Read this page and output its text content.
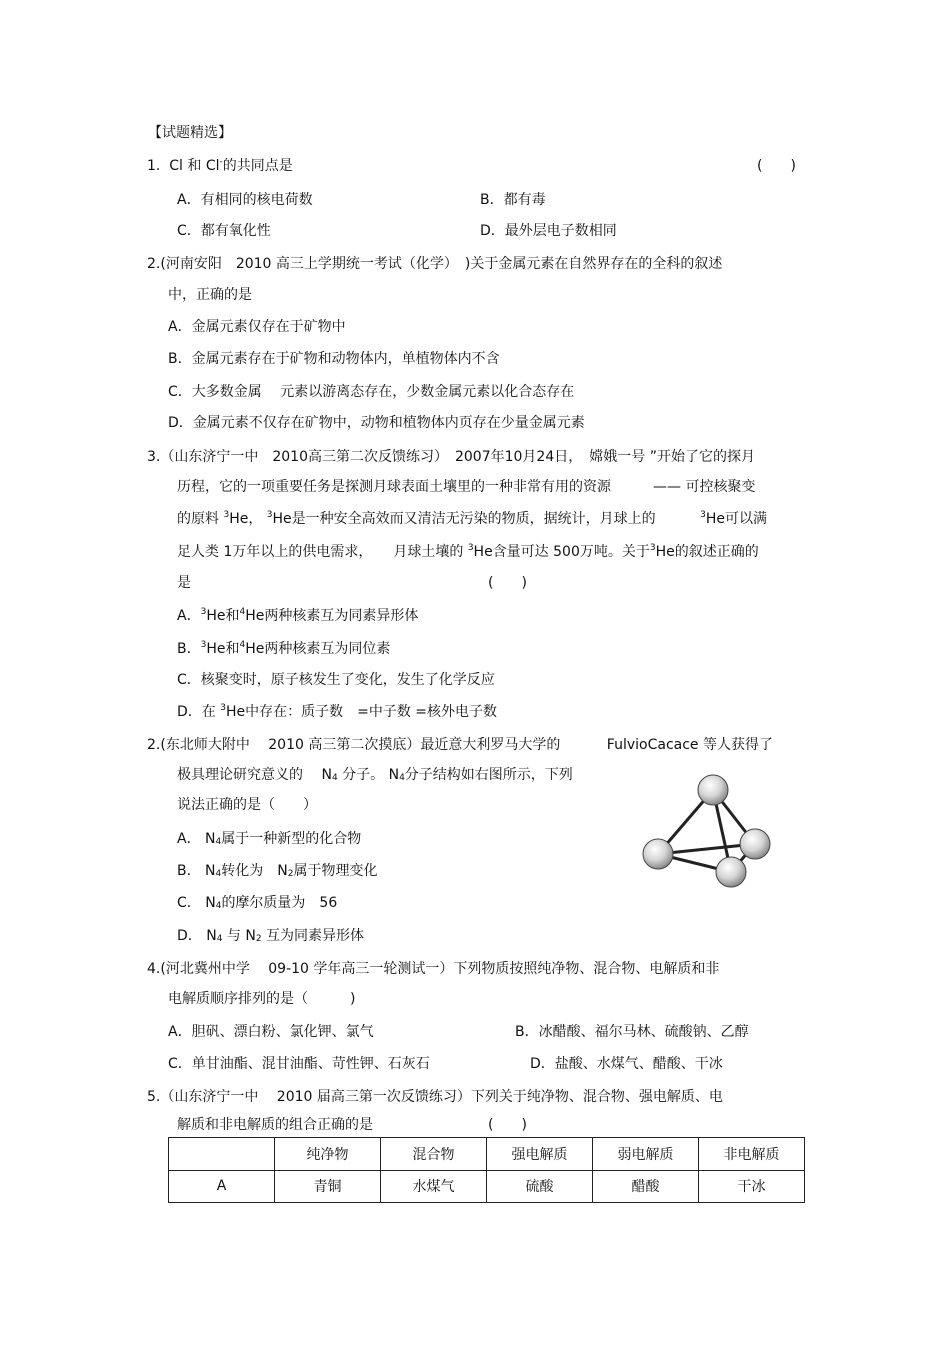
【试题精选】
1. Cl 和 Cl-的共同点是	(　　)
A．有相同的核电荷数	B．都有毒
C．都有氧化性	D．最外层电子数相同
2.(河南安阳　2010 高三上学期统一考试（化学）　)关于金属元素在自然界存在的全科的叙述
中，正确的是
A．金属元素仅存在于矿物中
B．金属元素存在于矿物和动物体内，单植物体内不含
C．大多数金属　 元素以游离态存在，少数金属元素以化合态存在
D．金属元素不仅存在矿物中，动物和植物体内页存在少量金属元素
3.（山东济宁一中　2010高三第二次反馈练习）　2007年10月24日，　嫦娥一号 ”开始了它的探月
历程，它的一项重要任务是探测月球表面土壤里的一种非常有用的资源　　　—— 可控核聚变
的原料 $^3$He， $^3$He是一种安全高效而又清洁无污染的物质，据统计，月球上的	$^3$He可以满
足人类 1万年以上的供电需求，　　月球土壤的 $^3$He含量可达 500万吨。关于$^3$He的叙述正确的
是	(　　)
A．$^3$He和$^4$He两种核素互为同素异形体
B．$^3$He和$^4$He两种核素互为同位素
C．核聚变时，原子核发生了变化，发生了化学反应
D．在 $^3$He中存在：质子数　=中子数 =核外电子数
2.(东北师大附中　 2010 高三第二次摸底）最近意大利罗马大学的　　　 FulvioCacace 等人获得了
极具理论研究意义的　 $N_4$ 分子。 $N_4$分子结构如右图所示，下列
说法正确的是（　　）
A． $N_4$属于一种新型的化合物
B． $N_4$转化为　$N_2$属于物理变化
C． $N_4$的摩尔质量为　56
D． $N_4$ 与 $N_2$ 互为同素异形体
4.(河北冀州中学　 09-10 学年高三一轮测试一）下列物质按照纯净物、混合物、电解质和非
电解质顺序排列的是（　　　)
A．胆矾、漂白粉、氯化钾、氯气	B．冰醋酸、福尔马林、硫酸钠、乙醇
C．单甘油酯、混甘油酯、苛性钾、石灰石	D．盐酸、水煤气、醋酸、干冰
5.（山东济宁一中　 2010 届高三第一次反馈练习）下列关于纯净物、混合物、强电解质、电
解质和非电解质的组合正确的是	(　　)
	纯净物	混合物	强电解质	弱电解质	非电解质
A	青铜	水煤气	硫酸	醋酸	干冰
